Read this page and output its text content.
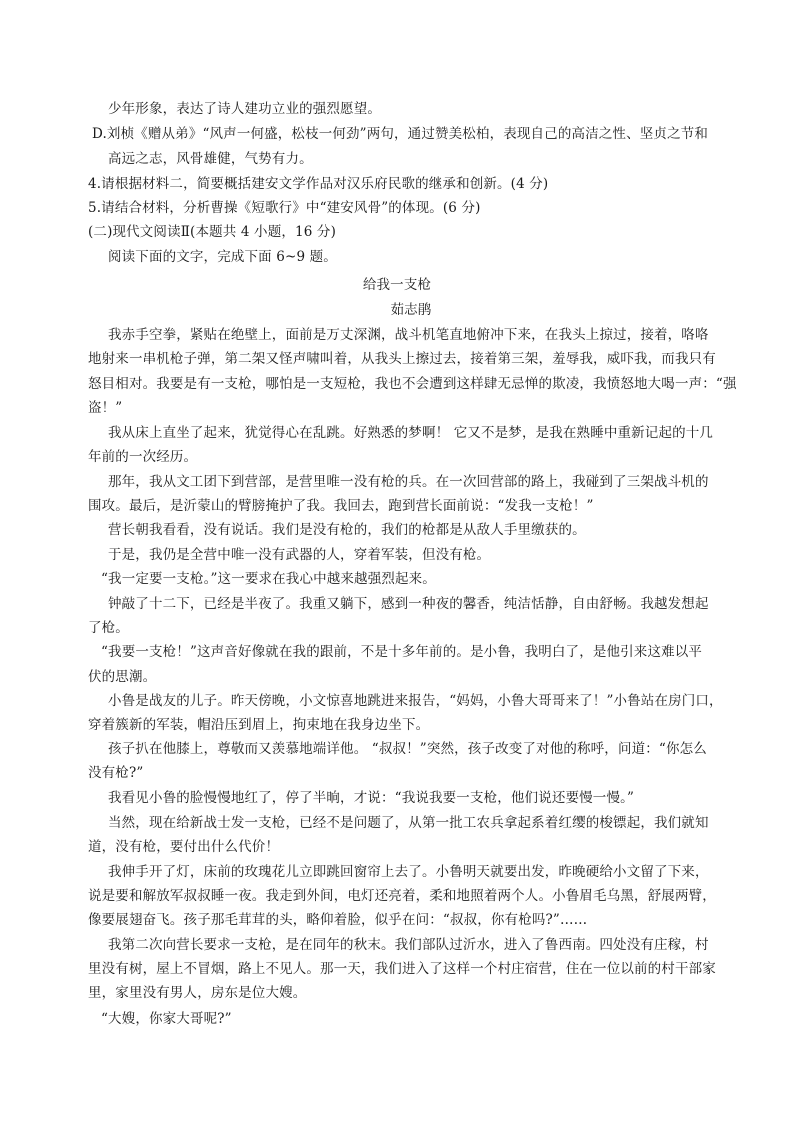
少年形象，表达了诗人建功立业的强烈愿望。
D.刘桢《赠从弟》“风声一何盛，松枝一何劲”两句，通过赞美松柏，表现自己的高洁之性、坚贞之节和
高远之志，风骨雄健，气势有力。
4.请根据材料二，简要概括建安文学作品对汉乐府民歌的继承和创新。(4 分)
5.请结合材料，分析曹操《短歌行》中“建安风骨”的体现。(6 分)
(二)现代文阅读Ⅱ(本题共 4 小题，16 分)
阅读下面的文字，完成下面 6~9 题。
给我一支枪
茹志鹃
我赤手空拳，紧贴在绝壁上，面前是万丈深渊，战斗机笔直地俯冲下来，在我头上掠过，接着，咯咯
地射来一串机枪子弹，第二架又怪声啸叫着，从我头上擦过去，接着第三架，羞辱我，威吓我，而我只有
怒目相对。我要是有一支枪，哪怕是一支短枪，我也不会遭到这样肆无忌惮的欺凌，我愤怒地大喝一声：“强
盗！”
我从床上直坐了起来，犹觉得心在乱跳。好熟悉的梦啊！ 它又不是梦，是我在熟睡中重新记起的十几
年前的一次经历。
那年，我从文工团下到营部，是营里唯一没有枪的兵。在一次回营部的路上，我碰到了三架战斗机的
围攻。最后，是沂蒙山的臂膀掩护了我。我回去，跑到营长面前说：“发我一支枪！”
营长朝我看看，没有说话。我们是没有枪的，我们的枪都是从敌人手里缴获的。
于是，我仍是全营中唯一没有武器的人，穿着军装，但没有枪。
“我一定要一支枪。”这一要求在我心中越来越强烈起来。
钟敲了十二下，已经是半夜了。我重又躺下，感到一种夜的馨香，纯洁恬静，自由舒畅。我越发想起
了枪。
“我要一支枪！”这声音好像就在我的跟前，不是十多年前的。是小鲁，我明白了，是他引来这难以平
伏的思潮。
小鲁是战友的儿子。昨天傍晚，小文惊喜地跳进来报告，“妈妈，小鲁大哥哥来了！”小鲁站在房门口，
穿着簇新的军装，帽沿压到眉上，拘束地在我身边坐下。
孩子扒在他膝上，尊敬而又羡慕地端详他。 “叔叔！”突然，孩子改变了对他的称呼，问道：“你怎么
没有枪?”
我看见小鲁的脸慢慢地红了，停了半晌，才说：“我说我要一支枪，他们说还要慢一慢。”
当然，现在给新战士发一支枪，已经不是问题了，从第一批工农兵拿起系着红缨的梭镖起，我们就知
道，没有枪，要付出什么代价！
我伸手开了灯，床前的玫瑰花儿立即跳回窗帘上去了。小鲁明天就要出发，昨晚硬给小文留了下来，
说是要和解放军叔叔睡一夜。我走到外间，电灯还亮着，柔和地照着两个人。小鲁眉毛乌黑，舒展两臂，
像要展翅奋飞。孩子那毛茸茸的头，略仰着脸，似乎在问：“叔叔，你有枪吗?”……
我第二次向营长要求一支枪，是在同年的秋末。我们部队过沂水，进入了鲁西南。四处没有庄稼，村
里没有树，屋上不冒烟，路上不见人。那一天，我们进入了这样一个村庄宿营，住在一位以前的村干部家
里，家里没有男人，房东是位大嫂。
“大嫂，你家大哥呢?”
